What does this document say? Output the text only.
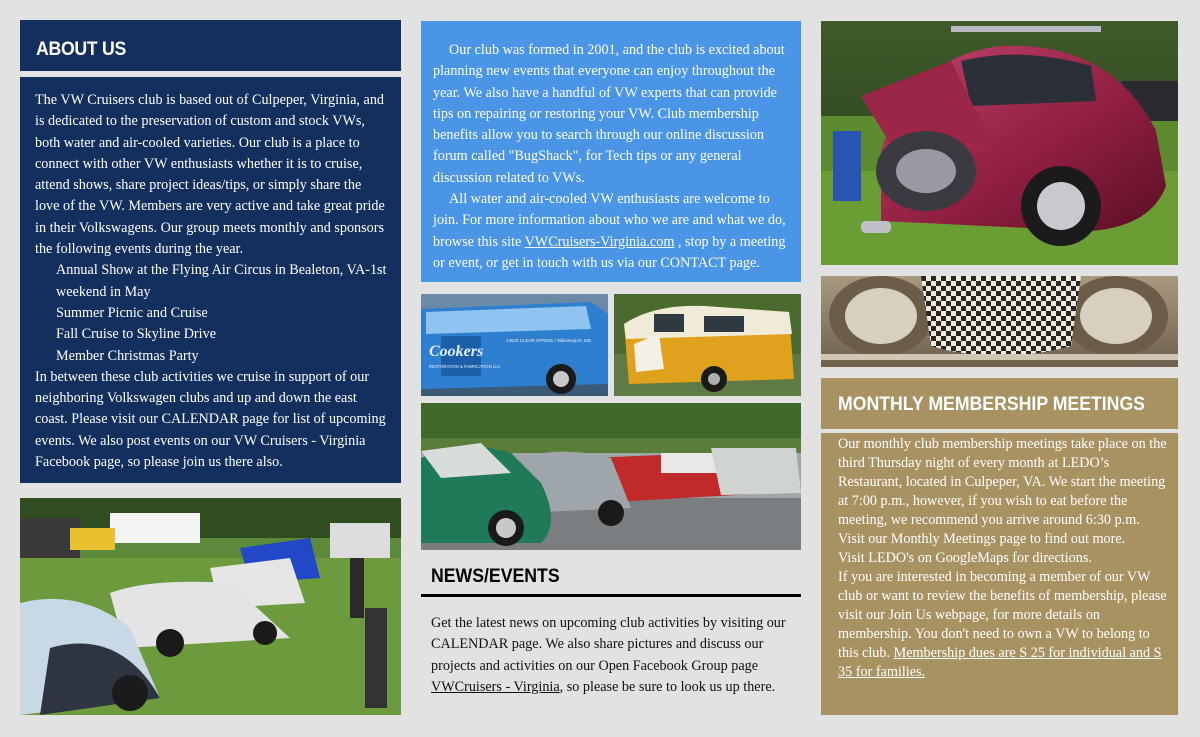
ABOUT US

The VW Cruisers club is based out of Culpeper, Virginia, and is dedicated to the preservation of custom and stock VWs, both water and air-cooled varieties. Our club is a place to connect with other VW enthusiasts whether it is to cruise, attend shows, share project ideas/tips, or simply share the love of the VW. Members are very active and take great pride in their Volkswagens. Our group meets monthly and sponsors the following events during the year.

Annual Show at the Flying Air Circus in Bealeton, VA-1st weekend in May

Summer Picnic and Cruise

Fall Cruise to Skyline Drive

Member Christmas Party

In between these club activities we cruise in support of our neighboring Volkswagen clubs and up and down the east coast. Please visit our CALENDAR page for list of upcoming events. We also post events on our VW Cruisers - Virginia Facebook page, so please join us there also.

Our club was formed in 2001, and the club is excited about planning new events that everyone can enjoy throughout the year. We also have a handful of VW experts that can provide tips on repairing or restoring your VW. Club membership benefits allow you to search through our online discussion forum called "BugShack", for Tech tips or any general discussion related to VWs.

All water and air-cooled VW enthusiasts are welcome to join. For more information about who we are and what we do, browse this site VWCruisers-Virginia.com , stop by a meeting or event, or get in touch with us via our CONTACT page.

MONTHLY MEMBERSHIP MEETINGS

Our monthly club membership meetings take place on the third Thursday night of every month at LEDO’s Restaurant, located in Culpeper, VA. We start the meeting at 7:00 p.m., however, if you wish to eat before the meeting, we recommend you arrive around 6:30 p.m.

Visit our Monthly Meetings page to find out more.

Visit LEDO's on GoogleMaps for directions.

If you are interested in becoming a member of our VW club or want to review the benefits of membership, please visit our Join Us webpage, for more details on membership. You don't need to own a VW to belong to this club. Membership dues are S 25 for individual and S 35 for families.

Cookers
14643 CLEAR SPRING / Williamsport, MD
RESTORATION & FABRICATION LLC
NEWS/EVENTS

Get the latest news on upcoming club activities by visiting our CALENDAR page. We also share pictures and discuss our projects and activities on our Open Facebook Group page VWCruisers - Virginia, so please be sure to look us up there.
